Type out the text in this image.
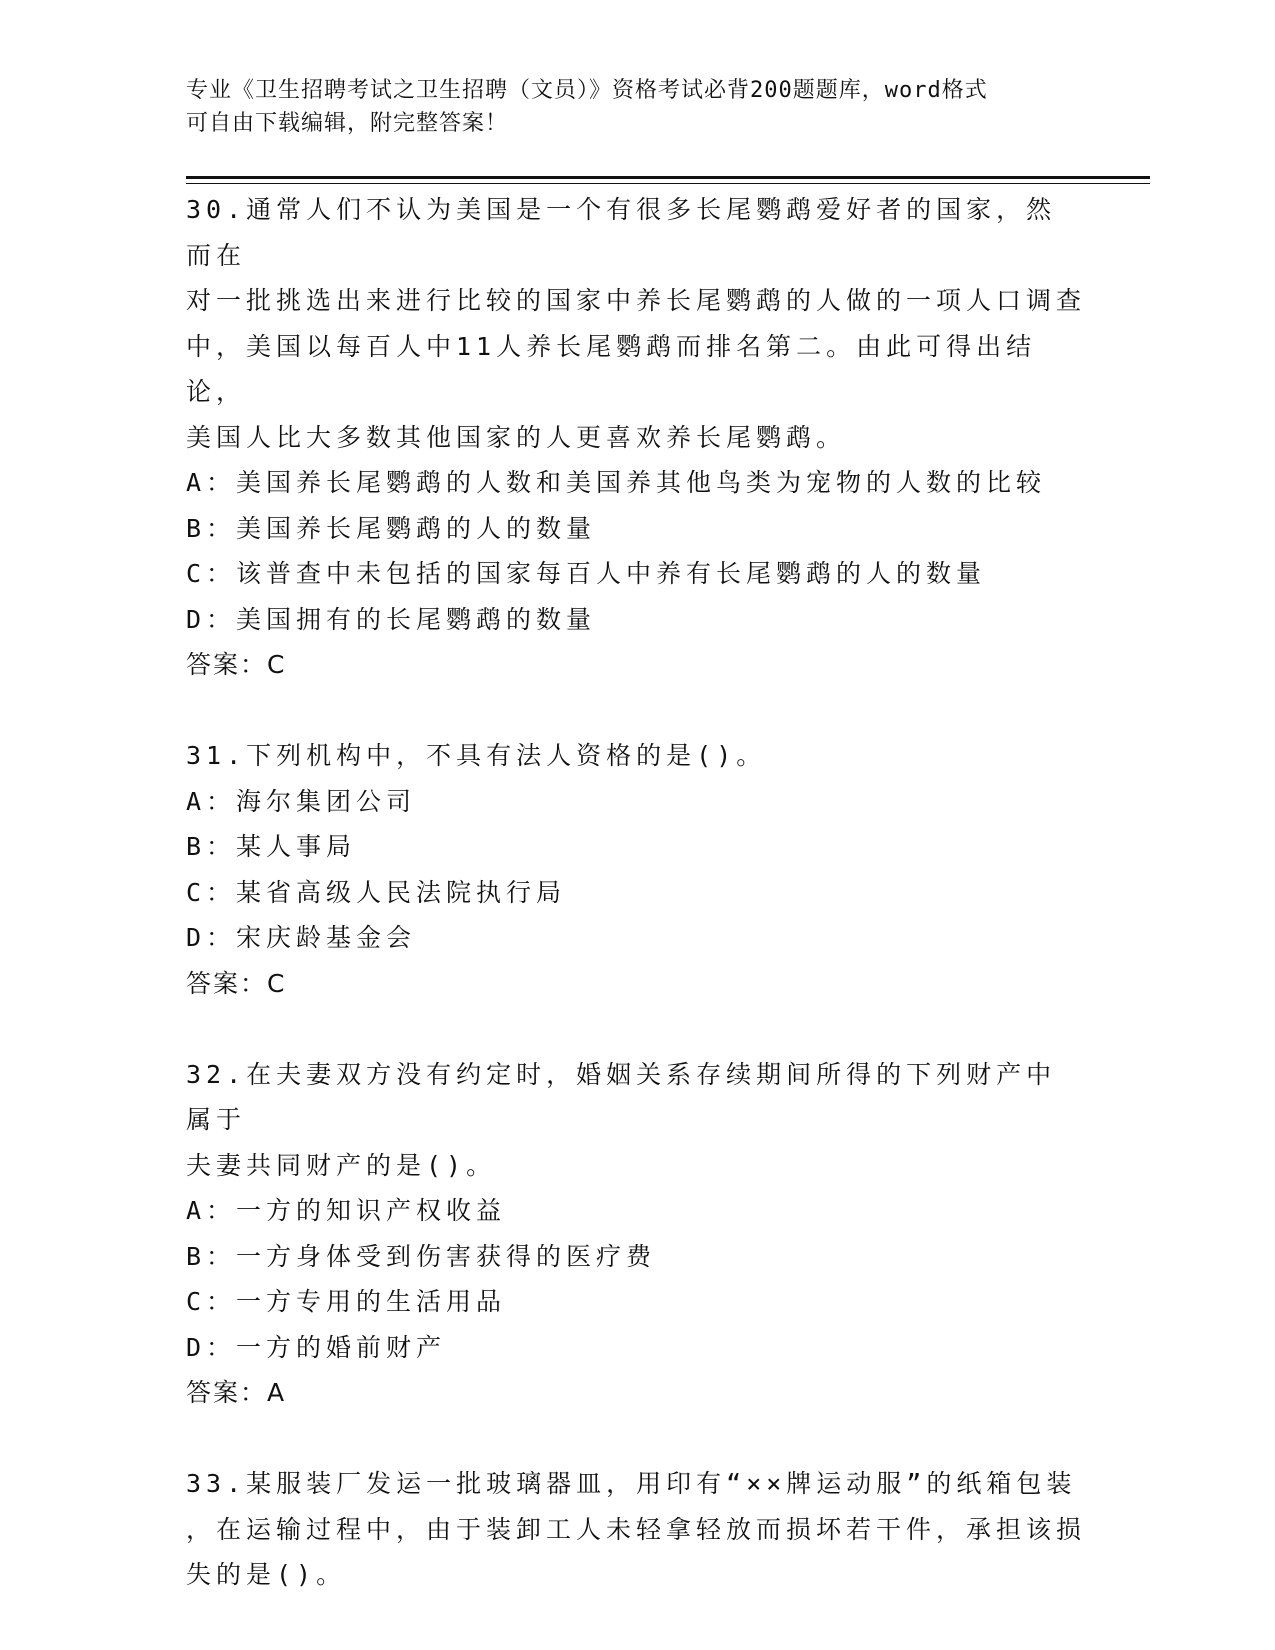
专业《卫生招聘考试之卫生招聘（文员）》资格考试必背200题题库，word格式
可自由下载编辑，附完整答案！
30.通常人们不认为美国是一个有很多长尾鹦鹉爱好者的国家，然而在
对一批挑选出来进行比较的国家中养长尾鹦鹉的人做的一项人口调查
中，美国以每百人中11人养长尾鹦鹉而排名第二。由此可得出结论，
美国人比大多数其他国家的人更喜欢养长尾鹦鹉。
A：美国养长尾鹦鹉的人数和美国养其他鸟类为宠物的人数的比较
B：美国养长尾鹦鹉的人的数量
C：该普查中未包括的国家每百人中养有长尾鹦鹉的人的数量
D：美国拥有的长尾鹦鹉的数量
答案：C
31.下列机构中，不具有法人资格的是()。
A：海尔集团公司
B：某人事局
C：某省高级人民法院执行局
D：宋庆龄基金会
答案：C
32.在夫妻双方没有约定时，婚姻关系存续期间所得的下列财产中属于
夫妻共同财产的是()。
A：一方的知识产权收益
B：一方身体受到伤害获得的医疗费
C：一方专用的生活用品
D：一方的婚前财产
答案：A
33.某服装厂发运一批玻璃器皿，用印有“××牌运动服”的纸箱包装
，在运输过程中，由于装卸工人未轻拿轻放而损坏若干件，承担该损
失的是()。
